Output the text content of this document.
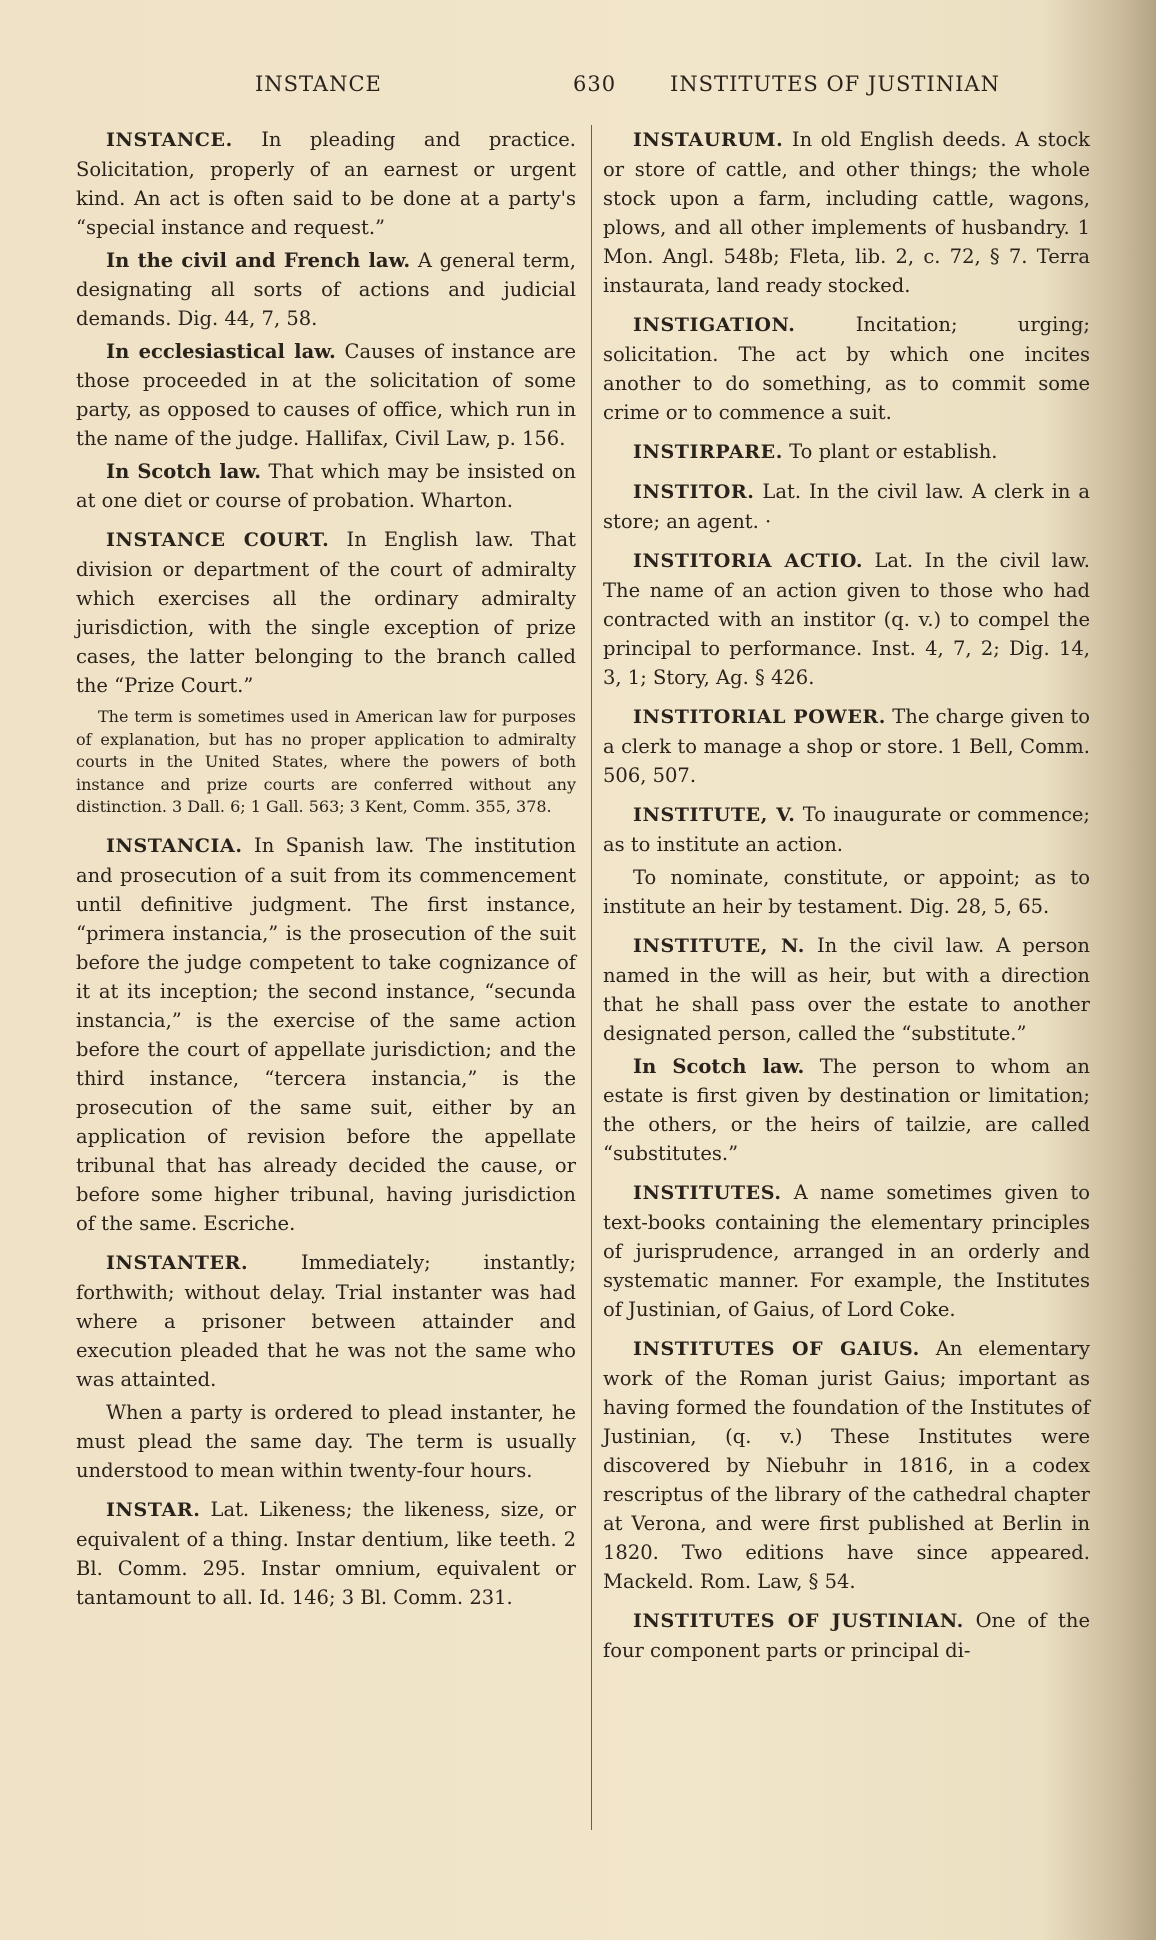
INSTANCE	630	INSTITUTES OF JUSTINIAN

INSTANCE. In pleading and practice. Solicitation, properly of an earnest or urgent kind. An act is often said to be done at a party's “special instance and request.”

In the civil and French law. A general term, designating all sorts of actions and judicial demands. Dig. 44, 7, 58.

In ecclesiastical law. Causes of instance are those proceeded in at the solicitation of some party, as opposed to causes of office, which run in the name of the judge. Hallifax, Civil Law, p. 156.

In Scotch law. That which may be insisted on at one diet or course of probation. Wharton.

INSTANCE COURT. In English law. That division or department of the court of admiralty which exercises all the ordinary admiralty jurisdiction, with the single exception of prize cases, the latter belonging to the branch called the “Prize Court.”

The term is sometimes used in American law for purposes of explanation, but has no proper application to admiralty courts in the United States, where the powers of both instance and prize courts are conferred without any distinction. 3 Dall. 6; 1 Gall. 563; 3 Kent, Comm. 355, 378.

INSTANCIA. In Spanish law. The institution and prosecution of a suit from its commencement until definitive judgment. The first instance, “primera instancia,” is the prosecution of the suit before the judge competent to take cognizance of it at its inception; the second instance, “secunda instancia,” is the exercise of the same action before the court of appellate jurisdiction; and the third instance, “tercera instancia,” is the prosecution of the same suit, either by an application of revision before the appellate tribunal that has already decided the cause, or before some higher tribunal, having jurisdiction of the same. Escriche.

INSTANTER. Immediately; instantly; forthwith; without delay. Trial instanter was had where a prisoner between attainder and execution pleaded that he was not the same who was attainted.

When a party is ordered to plead instanter, he must plead the same day. The term is usually understood to mean within twenty-four hours.

INSTAR. Lat. Likeness; the likeness, size, or equivalent of a thing. Instar dentium, like teeth. 2 Bl. Comm. 295. Instar omnium, equivalent or tantamount to all. Id. 146; 3 Bl. Comm. 231.

INSTAURUM. In old English deeds. A stock or store of cattle, and other things; the whole stock upon a farm, including cattle, wagons, plows, and all other implements of husbandry. 1 Mon. Angl. 548b; Fleta, lib. 2, c. 72, § 7. Terra instaurata, land ready stocked.

INSTIGATION. Incitation; urging; solicitation. The act by which one incites another to do something, as to commit some crime or to commence a suit.

INSTIRPARE. To plant or establish.

INSTITOR. Lat. In the civil law. A clerk in a store; an agent. ·

INSTITORIA ACTIO. Lat. In the civil law. The name of an action given to those who had contracted with an institor (q. v.) to compel the principal to performance. Inst. 4, 7, 2; Dig. 14, 3, 1; Story, Ag. § 426.

INSTITORIAL POWER. The charge given to a clerk to manage a shop or store. 1 Bell, Comm. 506, 507.

INSTITUTE, V. To inaugurate or commence; as to institute an action.

To nominate, constitute, or appoint; as to institute an heir by testament. Dig. 28, 5, 65.

INSTITUTE, N. In the civil law. A person named in the will as heir, but with a direction that he shall pass over the estate to another designated person, called the “substitute.”

In Scotch law. The person to whom an estate is first given by destination or limitation; the others, or the heirs of tailzie, are called “substitutes.”

INSTITUTES. A name sometimes given to text-books containing the elementary principles of jurisprudence, arranged in an orderly and systematic manner. For example, the Institutes of Justinian, of Gaius, of Lord Coke.

INSTITUTES OF GAIUS. An elementary work of the Roman jurist Gaius; important as having formed the foundation of the Institutes of Justinian, (q. v.) These Institutes were discovered by Niebuhr in 1816, in a codex rescriptus of the library of the cathedral chapter at Verona, and were first published at Berlin in 1820. Two editions have since appeared. Mackeld. Rom. Law, § 54.

INSTITUTES OF JUSTINIAN. One of the four component parts or principal di-
